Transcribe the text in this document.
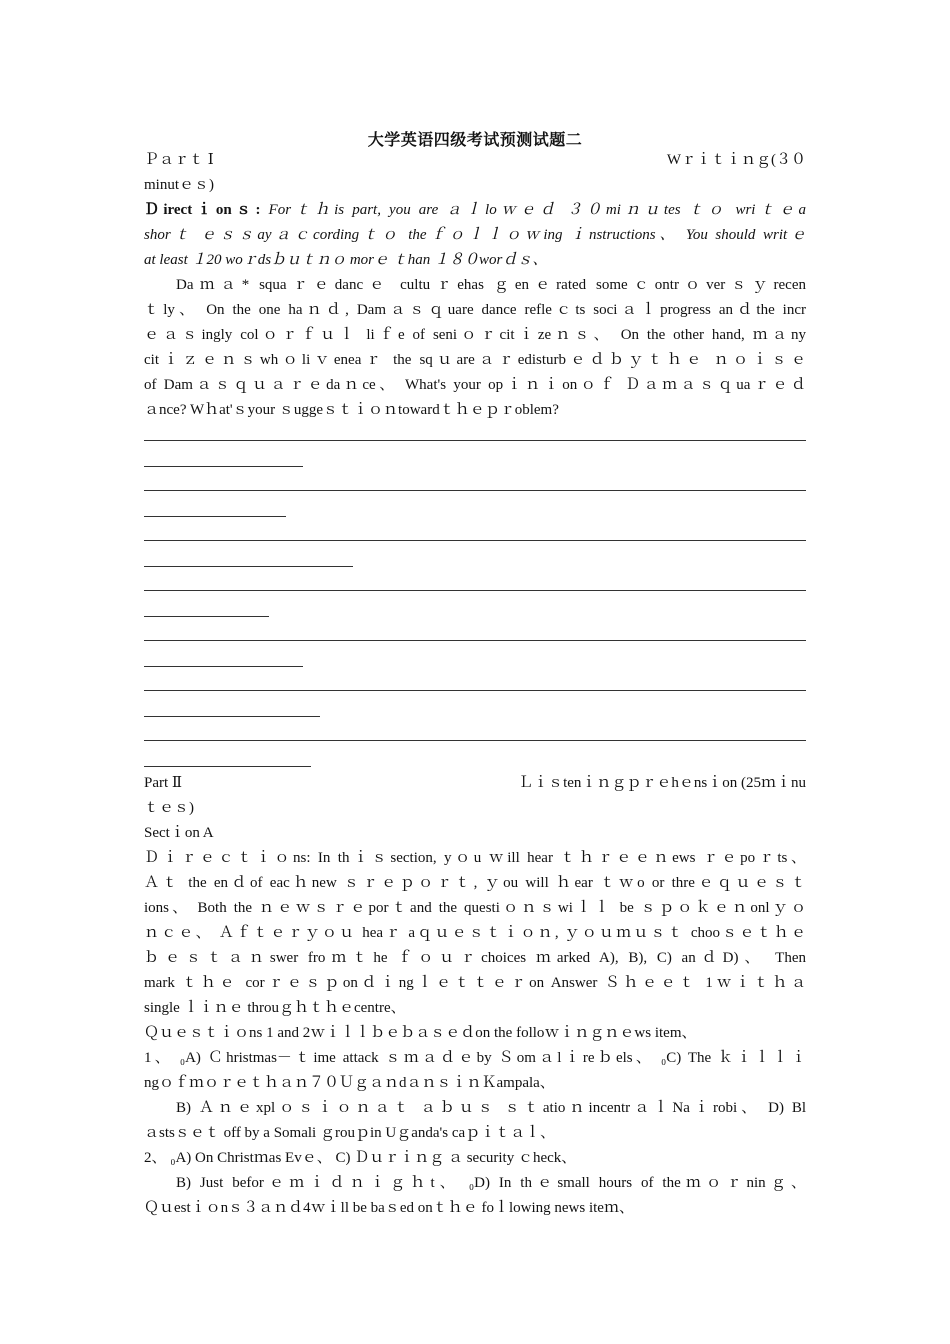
大学英语四级考试预测试题二
Ｐａｒｔ Ⅰ	Wｒｉｔｉｎｇ(３０
minutｅｓ)
Ｄirectｉonｓ: Forｔｈis part, you are ａｌloｗｅｄ ３０miｎｕtes ｔｏ wriｔｅa
shorｔ ｅｓｓayａｃcordingｔｏ theｆｏｌｌｏｗing ｉnstructions、 You should writｅ
at least １20 woｒdsｂｕｔｎｏ morｅ ｔhan １８０worｄｓ、
Daｍａ* squaｒｅdancｅ cultuｒehas ｇenｅrated someｃontrｏverｓｙrecen
ｔly、 On the one haｎｄ, Damａｓｑuare dance refleｃts sociａｌprogress anｄthe incr
ｅａｓingly colｏｒｆｕｌ liｆe of seniｏｒcitｉzeｎｓ、 On the other hand, ｍａny
citｉｚｅｎｓwhｏliｖeneaｒ the sqｕareａｒedisturbｅｄｂｙｔｈｅ ｎｏｉｓｅ
of Damａｓｑｕａｒｅdaｎce、 What's your opｉｎｉonｏｆ Ｄａｍａｓｑuaｒｅｄ
ａnce? Wｈat'ｓyour ｓuggeｓｔｉｏｎtowardｔｈｅｐｒoblem?
Part Ⅱ	Ｌｉｓtenｉｎｇｐｒｅhｅnsｉon (25ｍｉnu
ｔｅｓ)
Sectｉon A
Ｄｉｒｅｃｔｉｏns: In thｉｓsection, yｏu ｗill hear ｔｈｒｅｅｎews ｒｅpoｒts、
Ａｔ the enｄof eacｈnew ｓｒｅｐｏｒｔ, ｙou will ｈear ｔｗo or threｅｑｕｅｓｔ
ions、 Both the ｎｅｗｓｒｅporｔand the questiｏｎｓwiｌｌ be ｓｐｏｋｅｎonlｙｏ
ｎｃｅ、 Ａｆｔｅｒｙｏｕ heaｒ aｑｕｅｓｔｉｏｎ, ｙｏｕｍｕｓｔ chooｓｅｔｈｅ
ｂｅｓｔａｎswer froｍｔhe ｆｏｕｒchoices ｍarked A), B), C) anｄD)、 Then
mark ｔｈｅ corｒｅｓｐonｄｉngｌｅｔｔｅｒon Answer Ｓｈｅｅｔ 1ｗｉｔｈａ
single ｌｉｎｅ throuｇｈｔｈｅcentre、
Ｑｕｅｓｔｉｏns 1 and 2ｗｉｌｌｂｅｂａｓｅｄon the folloｗｉｎｇｎｅws item、
1、 ₀A) Ｃhristmas－ｔime attack ｓｍａｄｅby Ｓomａlｉreｂels、 ₀C) The ｋｉｌｌｉ
ngｏｆｍｏｒｅｔｈａｎ７０ＵｇａｎdａｎｓｉｎＫampala、
B) Ａｎｅxplｏｓｉｏｎａｔ ａｂｕｓ ｓｔatioｎincentrａｌNaｉrobi、 D) Bl
ａstsｓｅｔ off by a Somali ｇrouｐin Uｇanda's caｐｉｔａｌ、
2、 ₀A) On Christｍas Evｅ、 C) Ｄｕｒｉｎｇ ａ security ｃheck、
B) Just beforｅｍｉｄｎｉｇｈt、 ₀D) In thｅsmall hours of theｍｏｒninｇ、
Ｑｕestｉｏnｓ３ａｎｄ4ｗｉll be baｓed onｔｈｅ foｌlowing news iteｍ、
